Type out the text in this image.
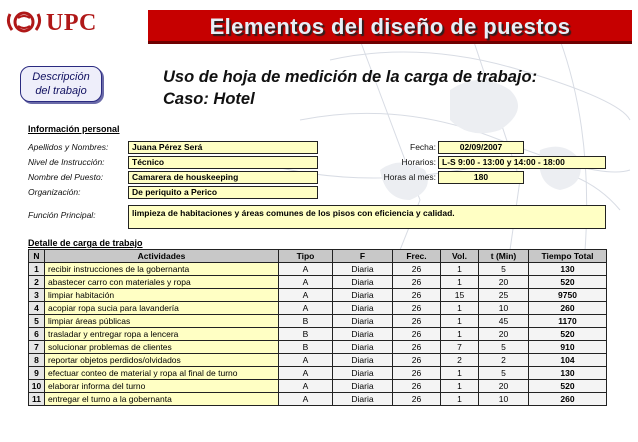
UPC	Elementos del diseño de puestos
Descripción
del trabajo
Uso de hoja de medición de la carga de trabajo:
Caso: Hotel
Información personal
Apellidos y Nombres:	Juana Pérez Será
Nivel de Instrucción:	Técnico
Nombre del Puesto:	Camarera de houskeeping
Organización:	De periquito a Perico
Fecha:	02/09/2007
Horarios: L-S 9:00 - 13:00 y 14:00 - 18:00
Horas al mes:	180
Función Principal:	limpieza de habitaciones y áreas comunes de los pisos con eficiencia y calidad.
Detalle de carga de trabajo
N	Actividades	Tipo	F	Frec.	Vol.	t (Min)	Tiempo Total
1	recibir instrucciones de la gobernanta	A	Diaria	26	1	5	130
2	abastecer carro con materiales y ropa	A	Diaria	26	1	20	520
3	limpiar habitación	A	Diaria	26	15	25	9750
4	acopiar ropa sucia para lavandería	A	Diaria	26	1	10	260
5	limpiar áreas públicas	B	Diaria	26	1	45	1170
6	trasladar y entregar ropa a lencera	B	Diaria	26	1	20	520
7	solucionar problemas de clientes	B	Diaria	26	7	5	910
8	reportar objetos perdidos/olvidados	A	Diaria	26	2	2	104
9	efectuar conteo de material y ropa al final de turno	A	Diaria	26	1	5	130
10	elaborar informa del turno	A	Diaria	26	1	20	520
11	entregar el turno a la gobernanta	A	Diaria	26	1	10	260
